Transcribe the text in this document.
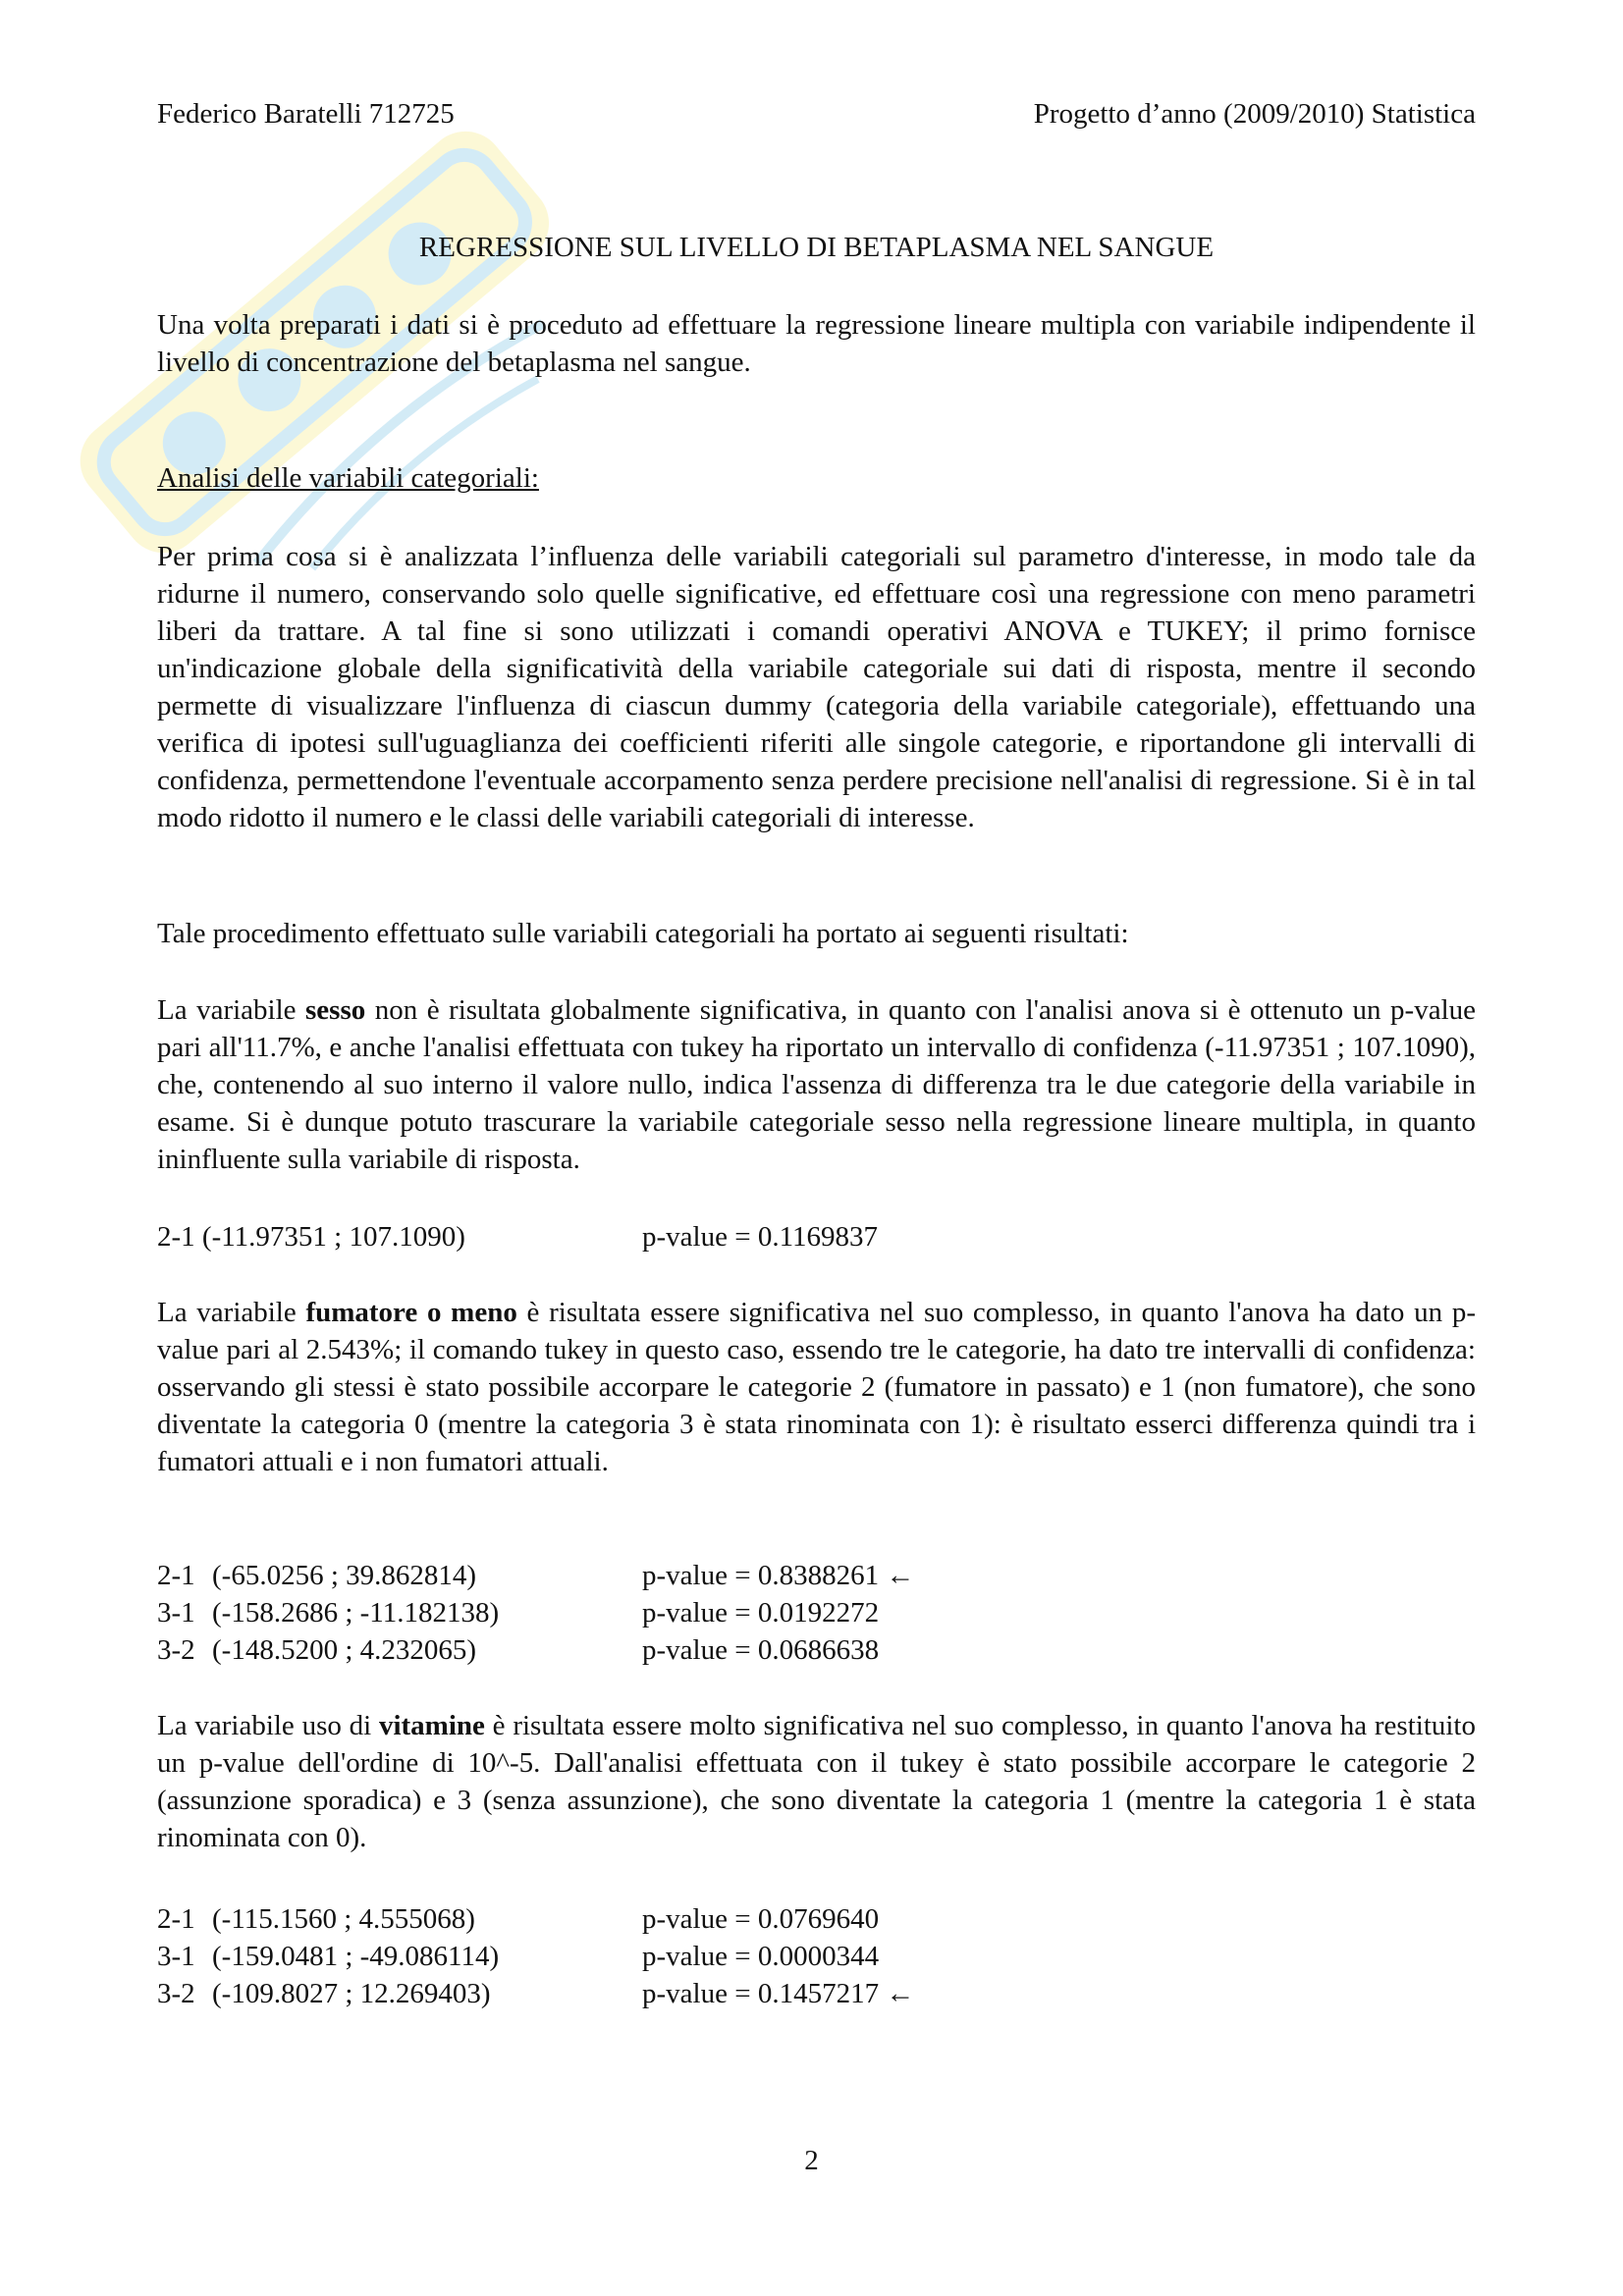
Federico Baratelli 712725	Progetto d’anno (2009/2010) Statistica
REGRESSIONE SUL LIVELLO DI BETAPLASMA NEL SANGUE

Una volta preparati i dati si è proceduto ad effettuare la regressione lineare multipla con variabile indipendente il livello di concentrazione del betaplasma nel sangue.

Analisi delle variabili categoriali:

Per prima cosa si è analizzata l’influenza delle variabili categoriali sul parametro d'interesse, in modo tale da ridurne il numero, conservando solo quelle significative, ed effettuare così una regressione con meno parametri liberi da trattare. A tal fine si sono utilizzati i comandi operativi ANOVA e TUKEY; il primo fornisce un'indicazione globale della significatività della variabile categoriale sui dati di risposta, mentre il secondo permette di visualizzare l'influenza di ciascun dummy (categoria della variabile categoriale), effettuando una verifica di ipotesi sull'uguaglianza dei coefficienti riferiti alle singole categorie, e riportandone gli intervalli di confidenza, permettendone l'eventuale accorpamento senza perdere precisione nell'analisi di regressione. Si è in tal modo ridotto il numero e le classi delle variabili categoriali di interesse.

Tale procedimento effettuato sulle variabili categoriali ha portato ai seguenti risultati:

La variabile sesso non è risultata globalmente significativa, in quanto con l'analisi anova si è ottenuto un p-value pari all'11.7%, e anche l'analisi effettuata con tukey ha riportato un intervallo di confidenza (-11.97351 ; 107.1090), che, contenendo al suo interno il valore nullo, indica l'assenza di differenza tra le due categorie della variabile in esame. Si è dunque potuto trascurare la variabile categoriale sesso nella regressione lineare multipla, in quanto ininfluente sulla variabile di risposta.

2-1 (-11.97351 ; 107.1090)	p-value = 0.1169837

La variabile fumatore o meno è risultata essere significativa nel suo complesso, in quanto l'anova ha dato un p-value pari al 2.543%; il comando tukey in questo caso, essendo tre le categorie, ha dato tre intervalli di confidenza: osservando gli stessi è stato possibile accorpare le categorie 2 (fumatore in passato) e 1 (non fumatore), che sono diventate la categoria 0 (mentre la categoria 3 è stata rinominata con 1): è risultato esserci differenza quindi tra i fumatori attuali e i non fumatori attuali.

2-1 (-65.0256 ; 39.862814)	p-value = 0.8388261 ←
3-1 (-158.2686 ; -11.182138)	p-value = 0.0192272
3-2 (-148.5200 ; 4.232065)	p-value = 0.0686638

La variabile uso di vitamine è risultata essere molto significativa nel suo complesso, in quanto l'anova ha restituito un p-value dell'ordine di 10^-5. Dall'analisi effettuata con il tukey è stato possibile accorpare le categorie 2 (assunzione sporadica) e 3 (senza assunzione), che sono diventate la categoria 1 (mentre la categoria 1 è stata rinominata con 0).

2-1 (-115.1560 ; 4.555068)	p-value = 0.0769640
3-1 (-159.0481 ; -49.086114)	p-value = 0.0000344
3-2 (-109.8027 ; 12.269403)	p-value = 0.1457217 ←
2
